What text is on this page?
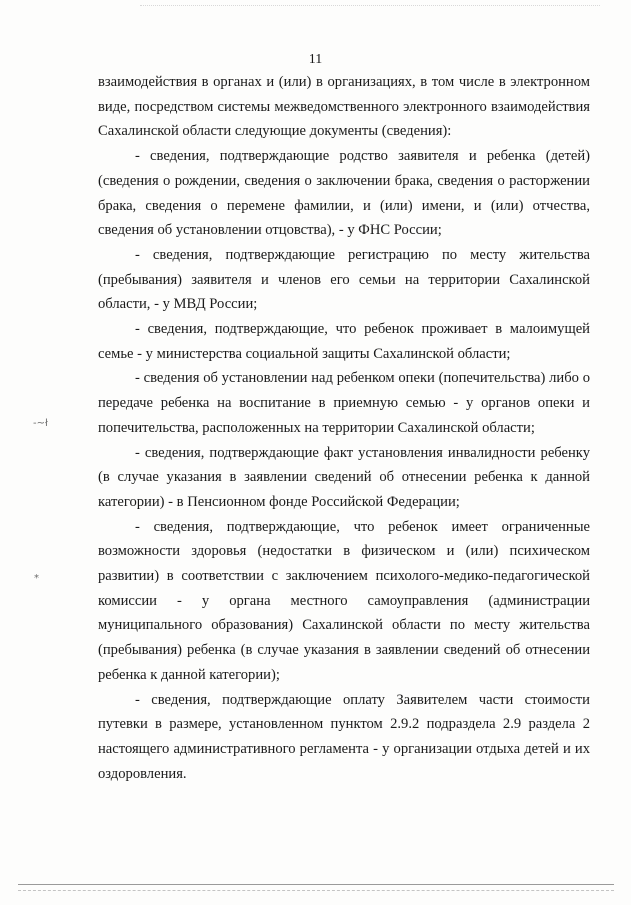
11
-~ł
*

взаимодействия в органах и (или) в организациях, в том числе в электронном виде, посредством системы межведомственного электронного взаимодействия Сахалинской области следующие документы (сведения):

- сведения, подтверждающие родство заявителя и ребенка (детей) (сведения о рождении, сведения о заключении брака, сведения о расторжении брака, сведения о перемене фамилии, и (или) имени, и (или) отчества, сведения об установлении отцовства), - у ФНС России;

- сведения, подтверждающие регистрацию по месту жительства (пребывания) заявителя и членов его семьи на территории Сахалинской области, - у МВД России;

- сведения, подтверждающие, что ребенок проживает в малоимущей семье - у министерства социальной защиты Сахалинской области;

- сведения об установлении над ребенком опеки (попечительства) либо о передаче ребенка на воспитание в приемную семью - у органов опеки и попечительства, расположенных на территории Сахалинской области;

- сведения, подтверждающие факт установления инвалидности ребенку (в случае указания в заявлении сведений об отнесении ребенка к данной категории) - в Пенсионном фонде Российской Федерации;

- сведения, подтверждающие, что ребенок имеет ограниченные возможности здоровья (недостатки в физическом и (или) психическом развитии) в соответствии с заключением психолого-медико-педагогической комиссии - у органа местного самоуправления (администрации муниципального образования) Сахалинской области по месту жительства (пребывания) ребенка (в случае указания в заявлении сведений об отнесении ребенка к данной категории);

- сведения, подтверждающие оплату Заявителем части стоимости путевки в размере, установленном пунктом 2.9.2 подраздела 2.9 раздела 2 настоящего административного регламента - у организации отдыха детей и их оздоровления.
